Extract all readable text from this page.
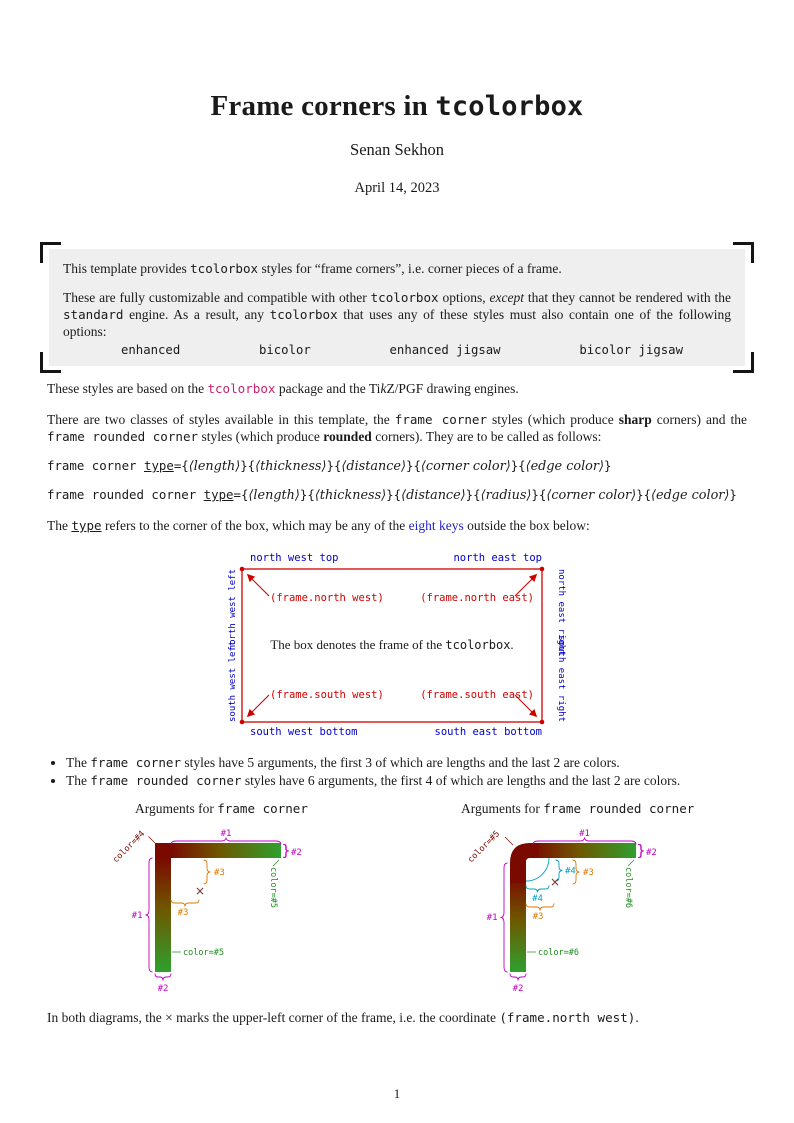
Frame corners in tcolorbox
Senan Sekhon
April 14, 2023

This template provides tcolorbox styles for “frame corners”, i.e. corner pieces of a frame.

These are fully customizable and compatible with other tcolorbox options, except that they cannot be rendered with the standard engine. As a result, any tcolorbox that uses any of these styles must also contain one of the following options:

enhanced	bicolor	enhanced jigsaw	bicolor jigsaw

These styles are based on the tcolorbox package and the TikZ/PGF drawing engines.

There are two classes of styles available in this template, the frame corner styles (which produce sharp corners) and the frame rounded corner styles (which produce rounded corners). They are to be called as follows:

frame corner type={⟨length⟩}{⟨thickness⟩}{⟨distance⟩}{⟨corner color⟩}{⟨edge color⟩}
frame rounded corner type={⟨length⟩}{⟨thickness⟩}{⟨distance⟩}{⟨radius⟩}{⟨corner color⟩}{⟨edge color⟩}

The type refers to the corner of the box, which may be any of the eight keys outside the box below:

north west top	north east top
south west bottom	south east bottom
north west left
south west left
north east right
south east right
(frame.north west)	(frame.north east)
(frame.south west)	(frame.south east)
The box denotes the frame of the tcolorbox.
• The frame corner styles have 5 arguments, the first 3 of which are lengths and the last 2 are colors.
• The frame rounded corner styles have 6 arguments, the first 4 of which are lengths and the last 2 are colors.
Arguments for frame corner	Arguments for frame rounded corner
#1
} #2
#3
#1	#3
×
color=#4
color=#5
color=#5
#2
#1
} #2
#4 #3
#4
#1	#3
×
color=#5
color=#6
color=#6
#2

In both diagrams, the × marks the upper-left corner of the frame, i.e. the coordinate (frame.north west).

1
